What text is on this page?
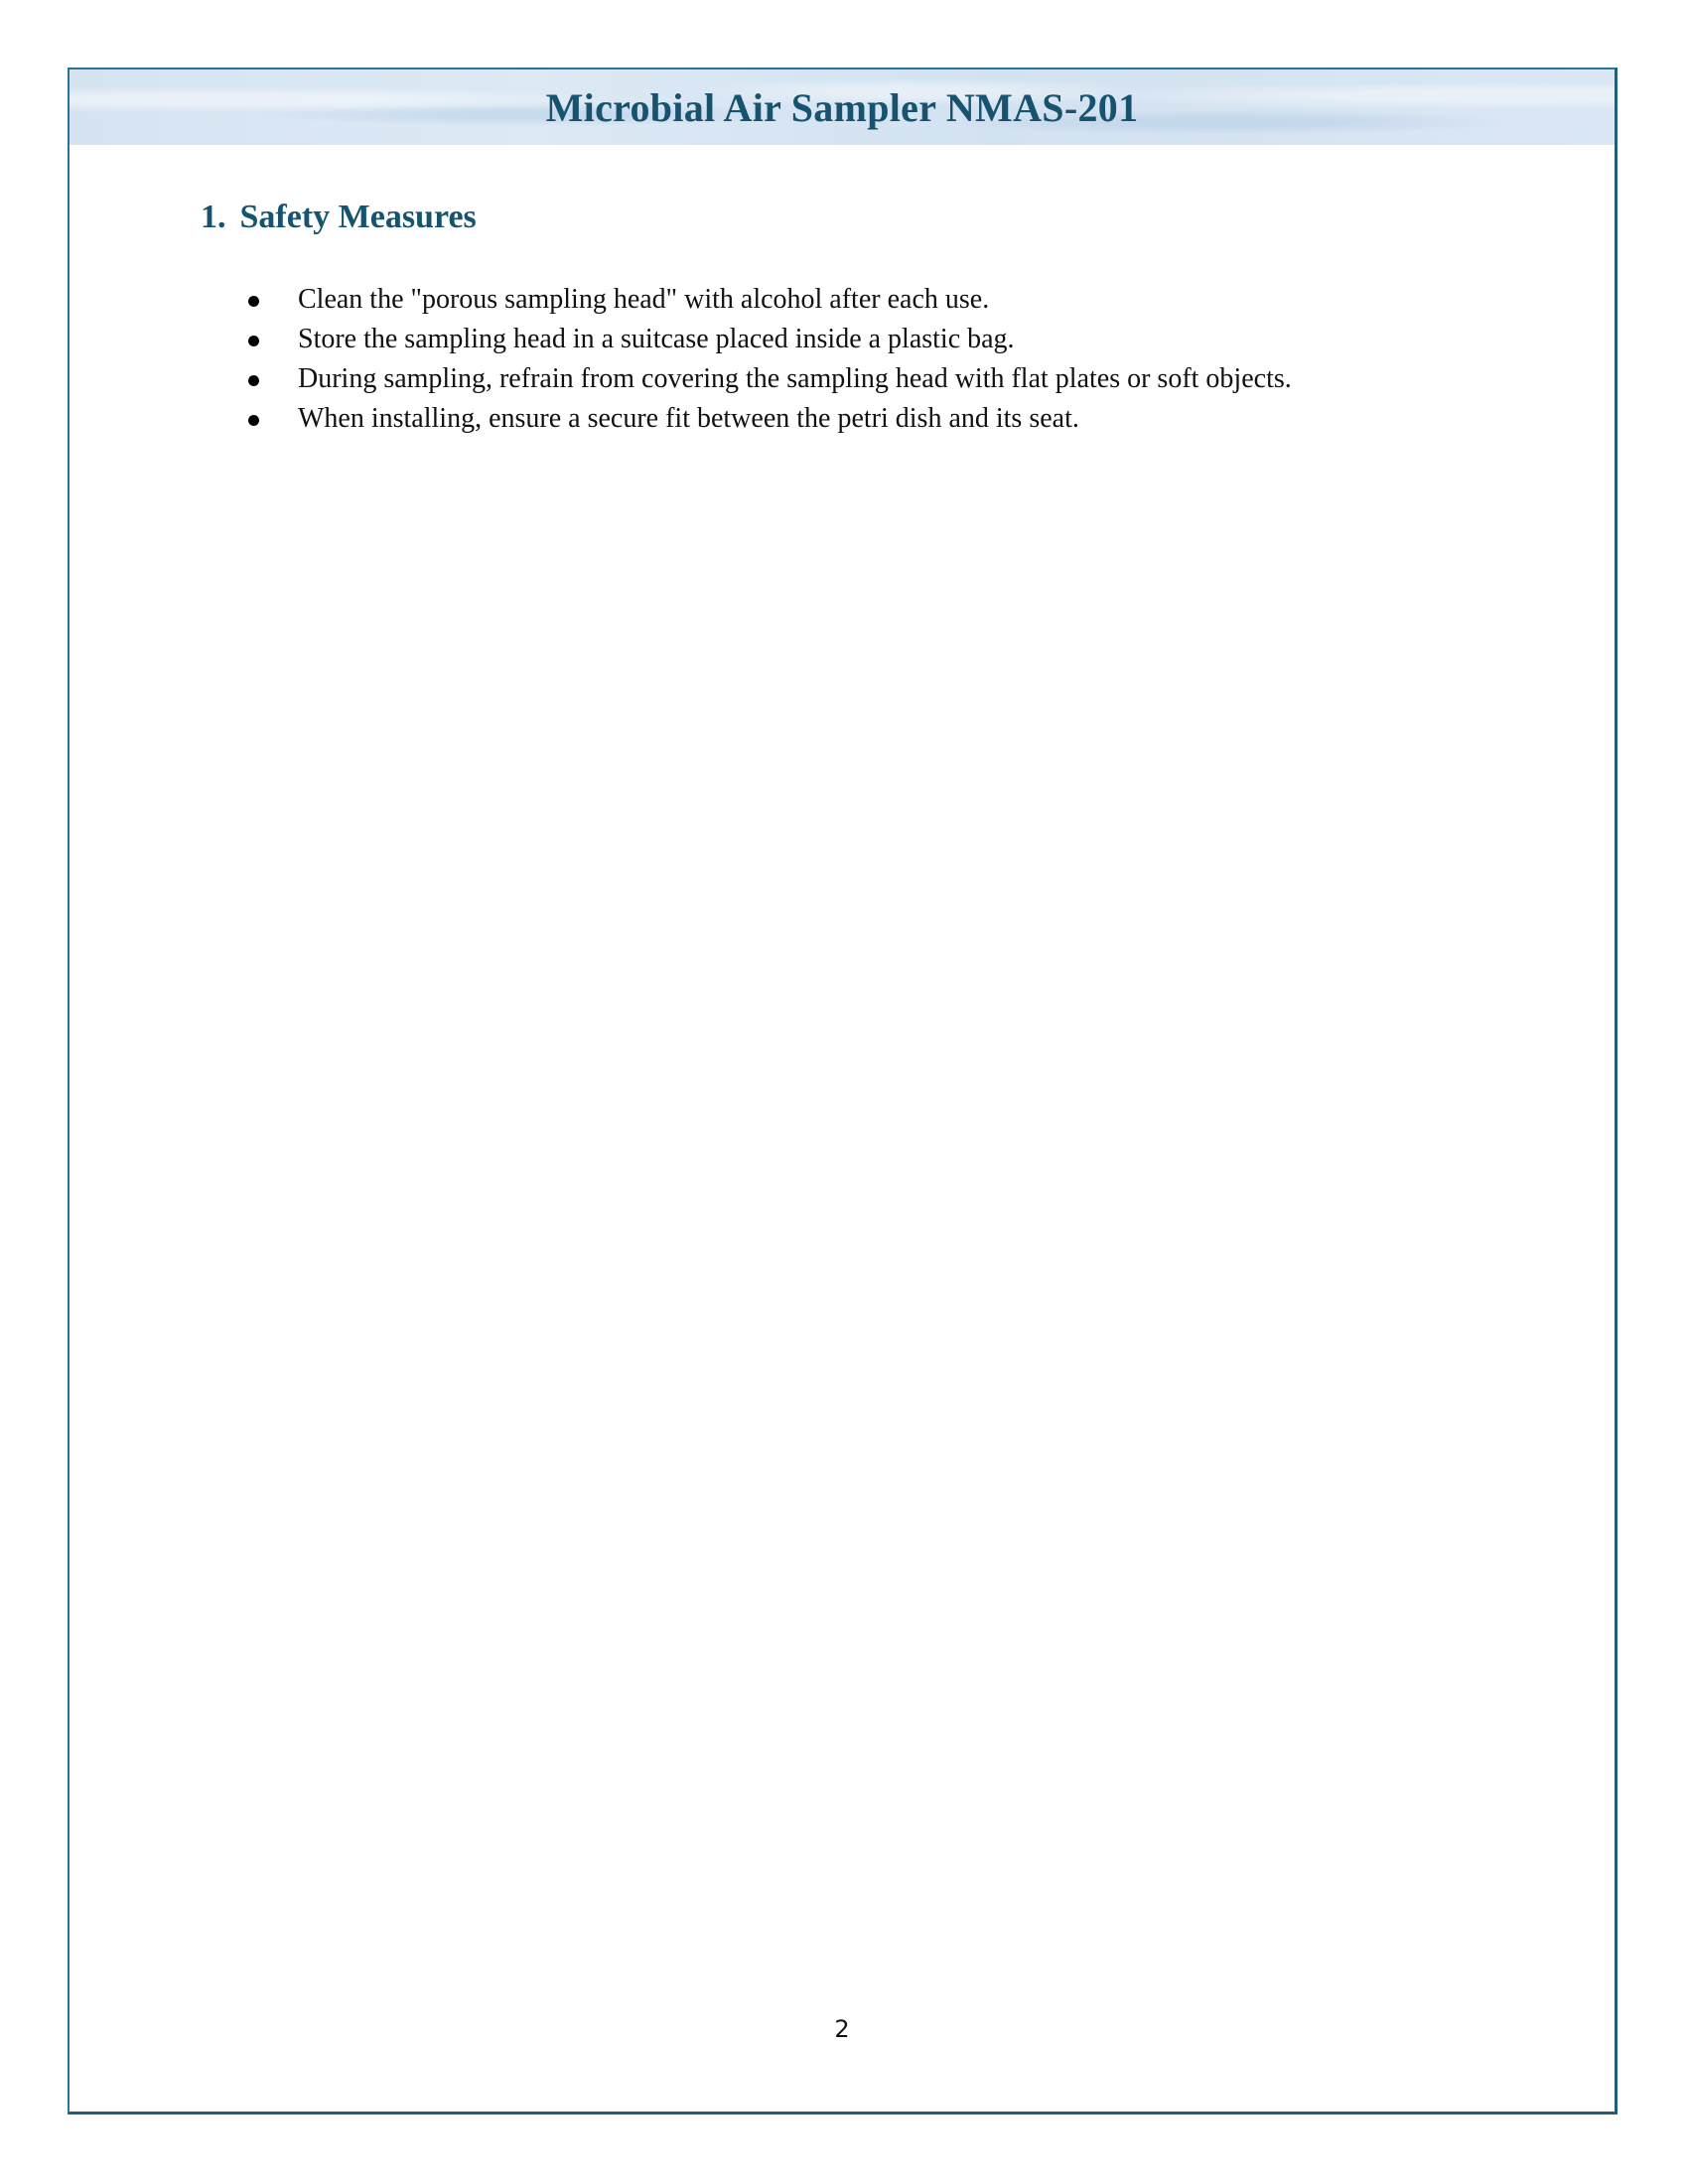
Microbial Air Sampler NMAS-201
1. Safety Measures
Clean the "porous sampling head" with alcohol after each use.
Store the sampling head in a suitcase placed inside a plastic bag.
During sampling, refrain from covering the sampling head with flat plates or soft objects.
When installing, ensure a secure fit between the petri dish and its seat.
2
